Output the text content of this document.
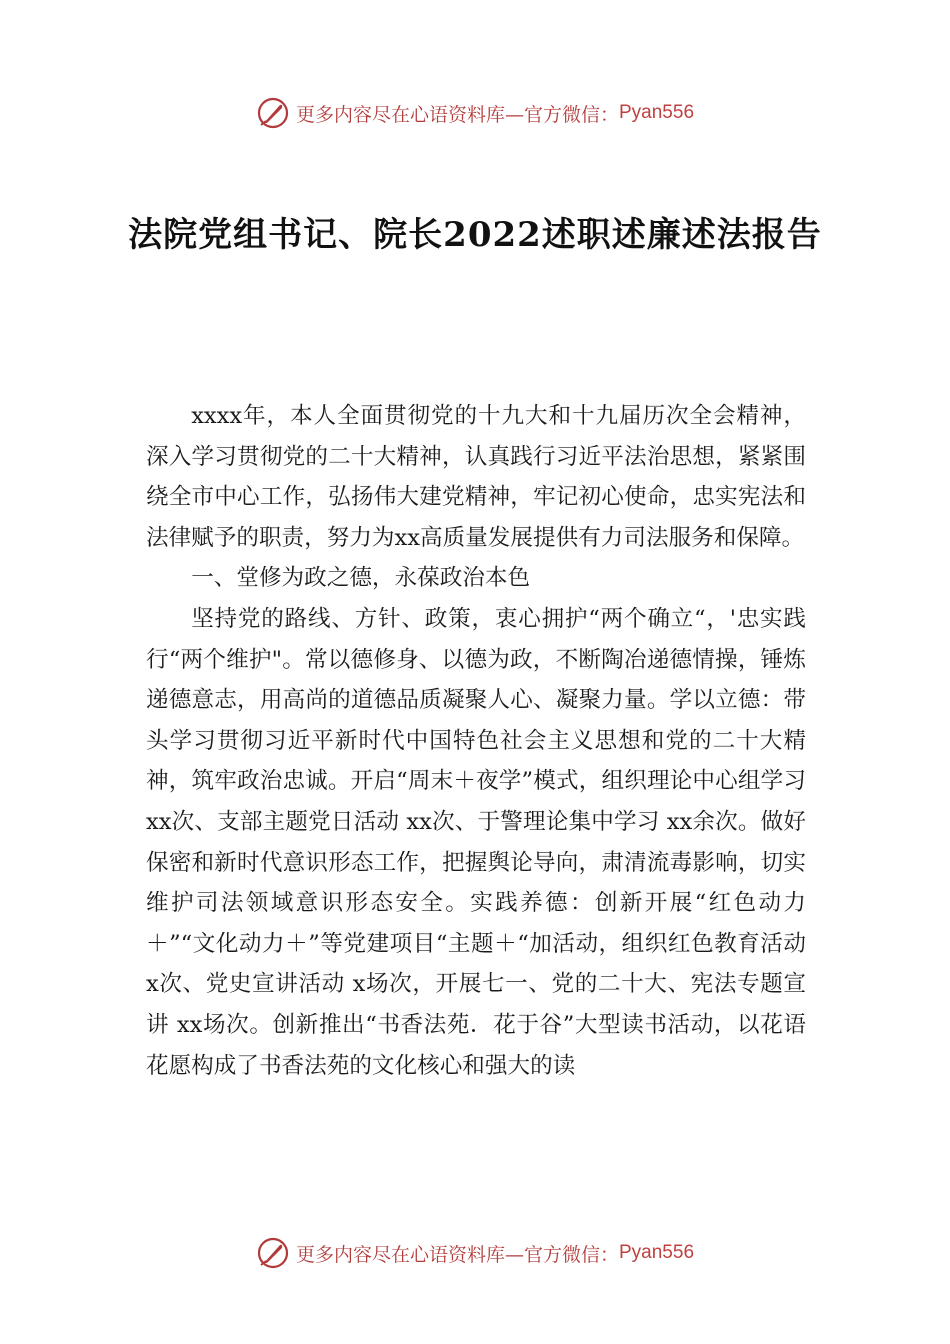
更多内容尽在心语资料库—官方微信： Pyan556
法院党组书记、院长2022述职述廉述法报告

xxxx年，本人全面贯彻党的十九大和十九届历次全会精神，深入学习贯彻党的二十大精神，认真践行习近平法治思想，紧紧围绕全市中心工作，弘扬伟大建党精神，牢记初心使命，忠实宪法和法律赋予的职责，努力为xx高质量发展提供有力司法服务和保障。

一、堂修为政之德，永葆政治本色

坚持党的路线、方针、政策，衷心拥护“两个确立“，'忠实践行“两个维护"。常以德修身、以德为政，不断陶冶递德情操，锤炼递德意志，用高尚的道德品质凝聚人心、凝聚力量。学以立德：带头学习贯彻习近平新时代中国特色社会主义思想和党的二十大精神，筑牢政治忠诚。开启“周末＋夜学”模式，组织理论中心组学习 xx次、支部主题党日活动 xx次、于警理论集中学习 xx余次。做好保密和新时代意识形态工作，把握舆论导向，肃清流毒影响，切实维护司法领域意识形态安全。实践养德：创新开展“红色动力＋”“文化动力＋”等党建项目“主题＋“加活动，组织红色教育活动 x次、党史宣讲活动 x场次，开展七一、党的二十大、宪法专题宣讲 xx场次。创新推出“书香法苑．花于谷”大型读书活动，以花语花愿构成了书香法苑的文化核心和强大的读

更多内容尽在心语资料库—官方微信： Pyan556
